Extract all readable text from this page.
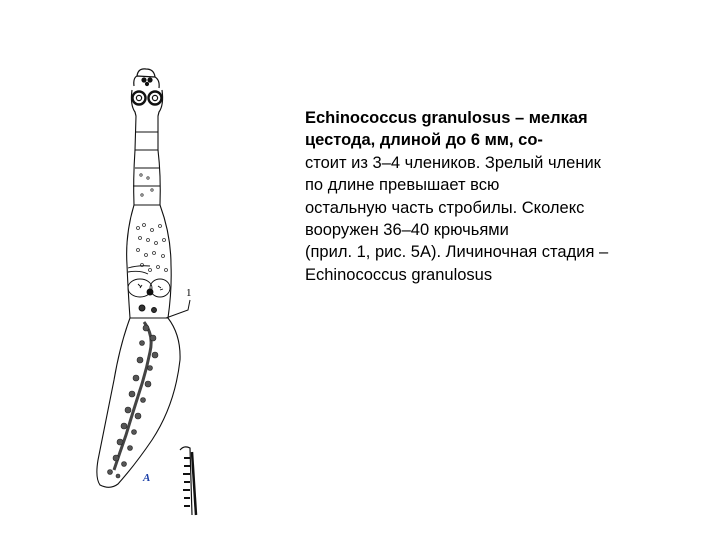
А
1
Echinococcus granulosus – мелкая
цестода, длиной до 6 мм, со-
стоит из 3–4 члеников. Зрелый членик
по длине превышает всю
остальную часть стробилы. Сколекс
вооружен 36–40 крючьями
(прил. 1, рис. 5А). Личиночная стадия –
Echinococcus granulosus
